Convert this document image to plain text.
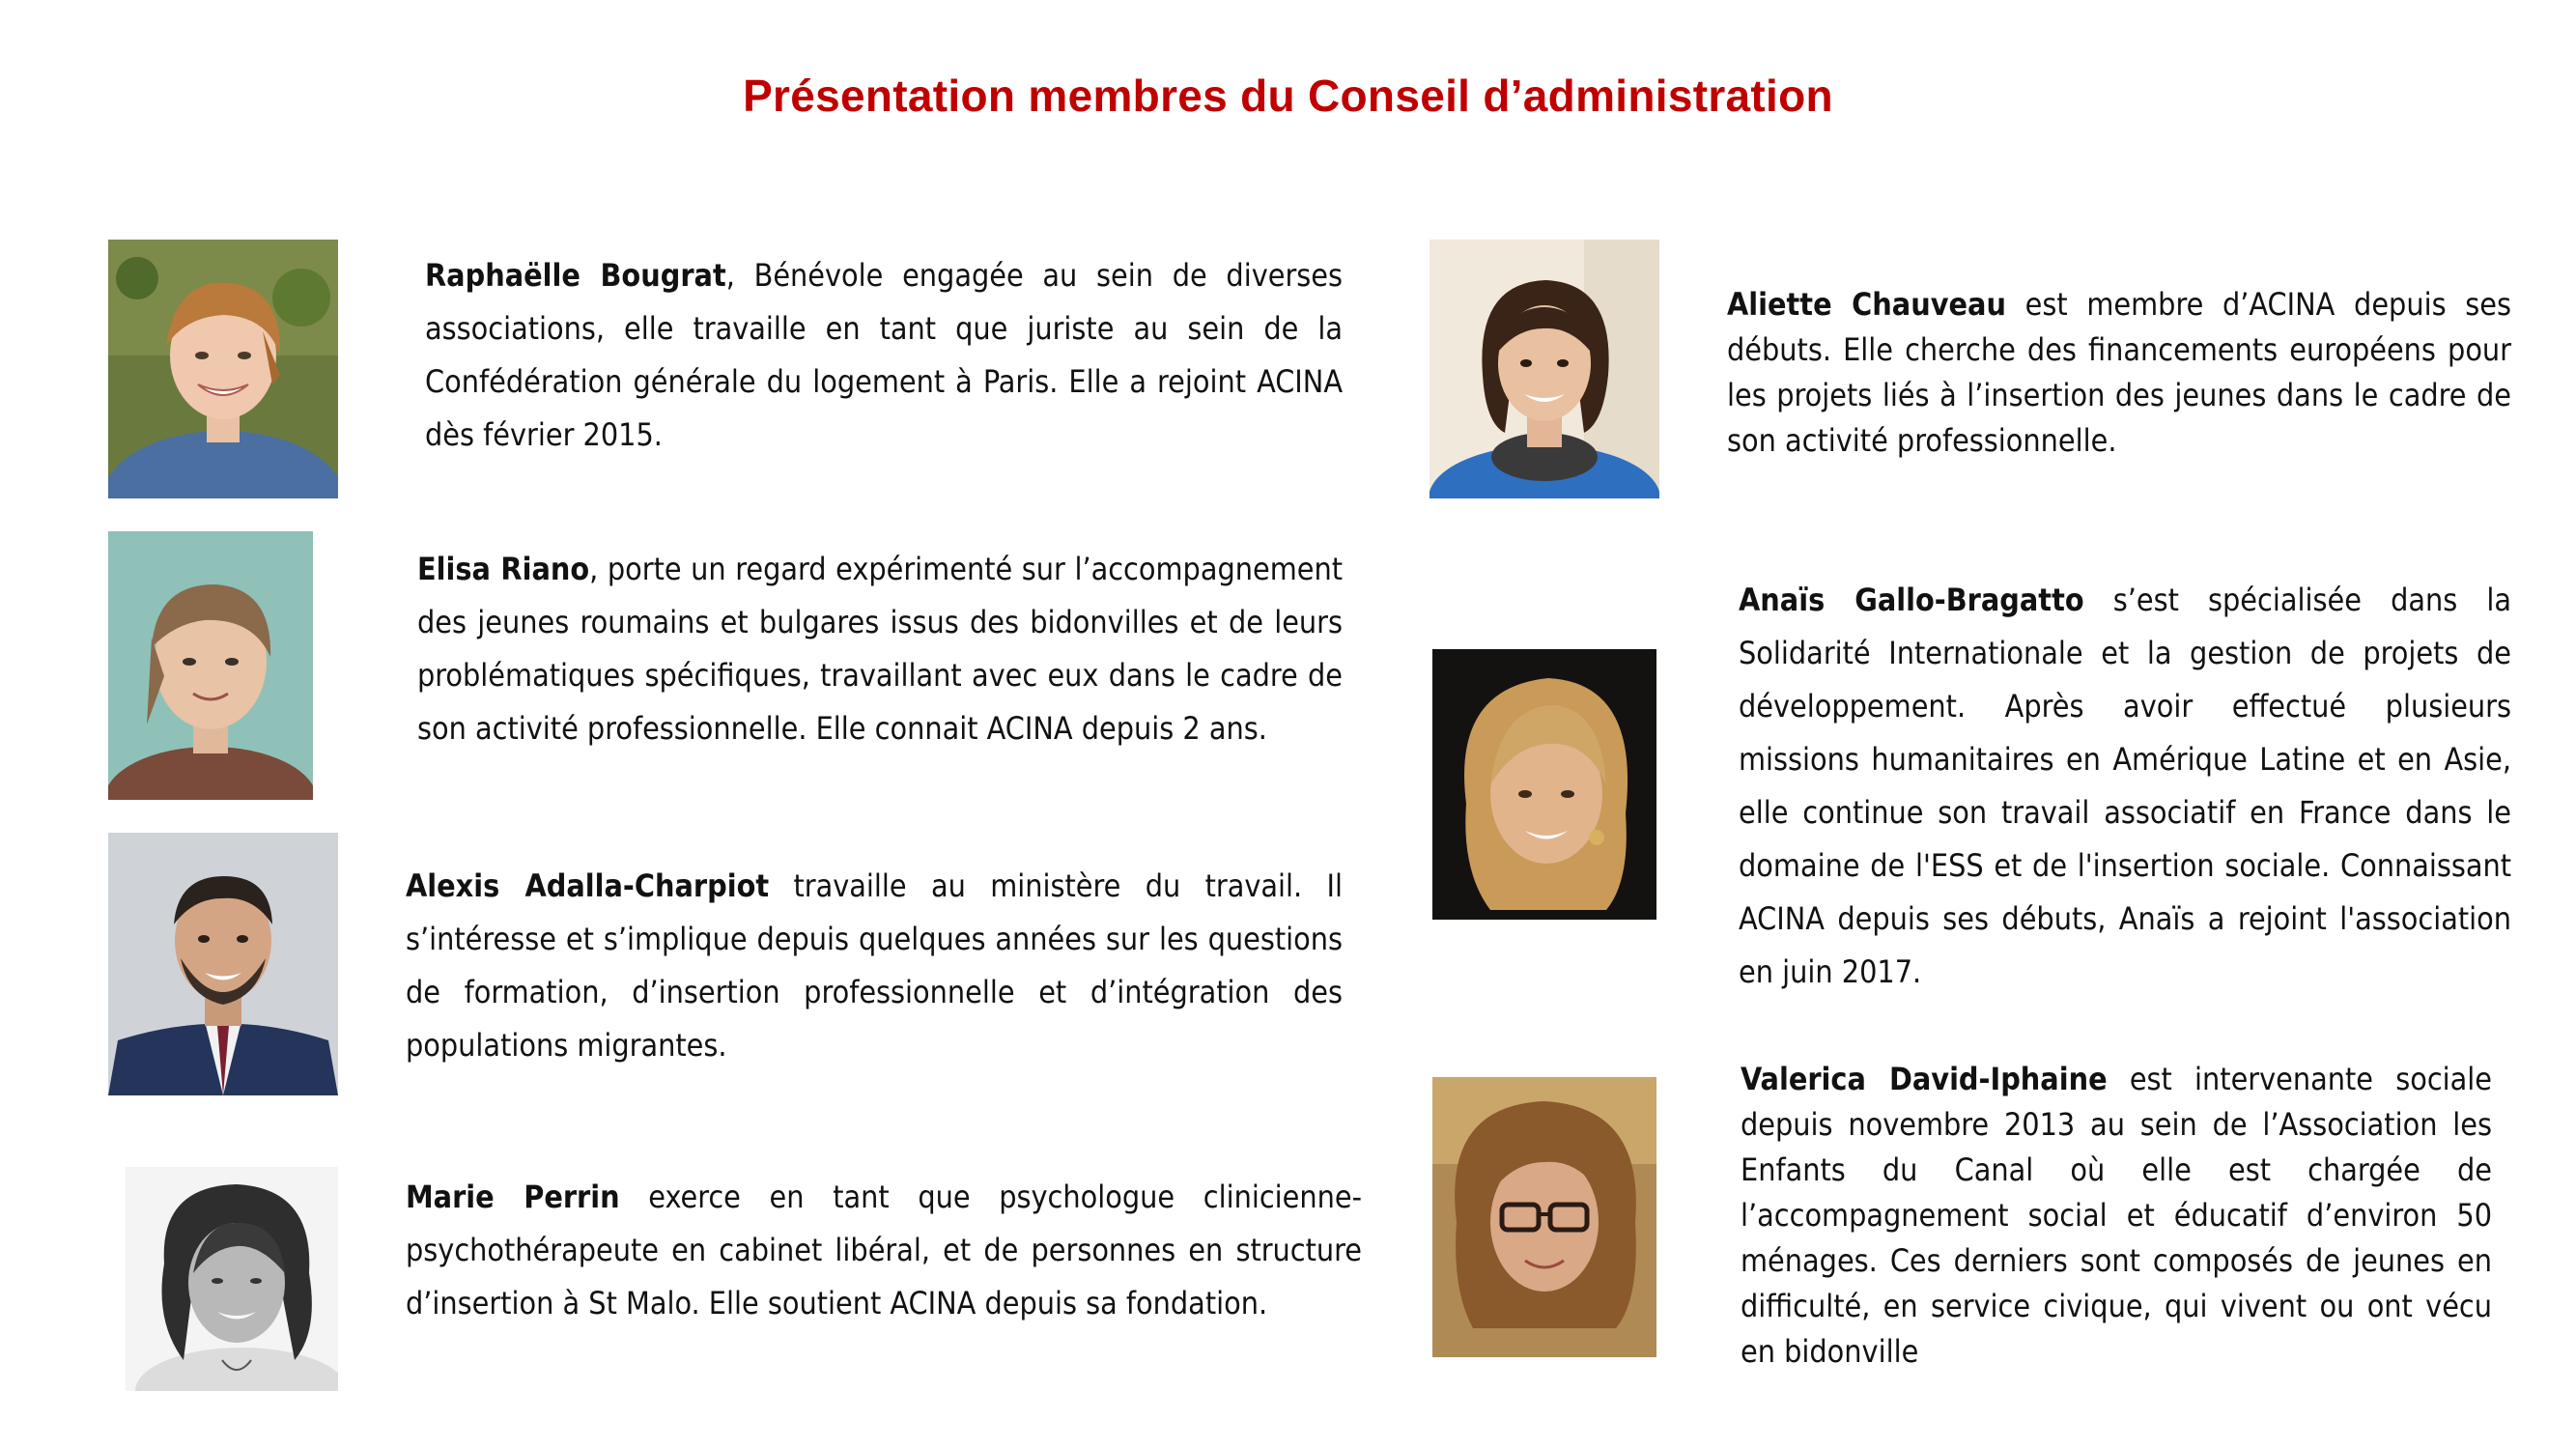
Présentation membres du Conseil d’administration
Raphaëlle Bougrat, Bénévole engagée au sein de diverses associations, elle travaille en tant que juriste au sein de la Confédération générale du logement à Paris. Elle a rejoint ACINA dès février 2015.
Elisa Riano, porte un regard expérimenté sur l’accompagnement des jeunes roumains et bulgares issus des bidonvilles et de leurs problématiques spécifiques, travaillant avec eux dans le cadre de son activité professionnelle. Elle connait ACINA depuis 2 ans.
Alexis Adalla-Charpiot travaille au ministère du travail. Il s’intéresse et s’implique depuis quelques années sur les questions de formation, d’insertion professionnelle et d’intégration des populations migrantes.
Marie Perrin exerce en tant que psychologue clinicienne-psychothérapeute en cabinet libéral, et de personnes en structure d’insertion à St Malo. Elle soutient ACINA depuis sa fondation.
Aliette Chauveau est membre d’ACINA depuis ses débuts. Elle cherche des financements européens pour les projets liés à l’insertion des jeunes dans le cadre de son activité professionnelle.
Anaïs Gallo-Bragatto s’est spécialisée dans la Solidarité Internationale et la gestion de projets de développement. Après avoir effectué plusieurs missions humanitaires en Amérique Latine et en Asie, elle continue son travail associatif en France dans le domaine de l'ESS et de l'insertion sociale. Connaissant ACINA depuis ses débuts, Anaïs a rejoint l'association en juin 2017.
Valerica David-Iphaine est intervenante sociale depuis novembre 2013 au sein de l’Association les Enfants du Canal où elle est chargée de l’accompagnement social et éducatif d’environ 50 ménages. Ces derniers sont composés de jeunes en difficulté, en service civique, qui vivent ou ont vécu en bidonville
